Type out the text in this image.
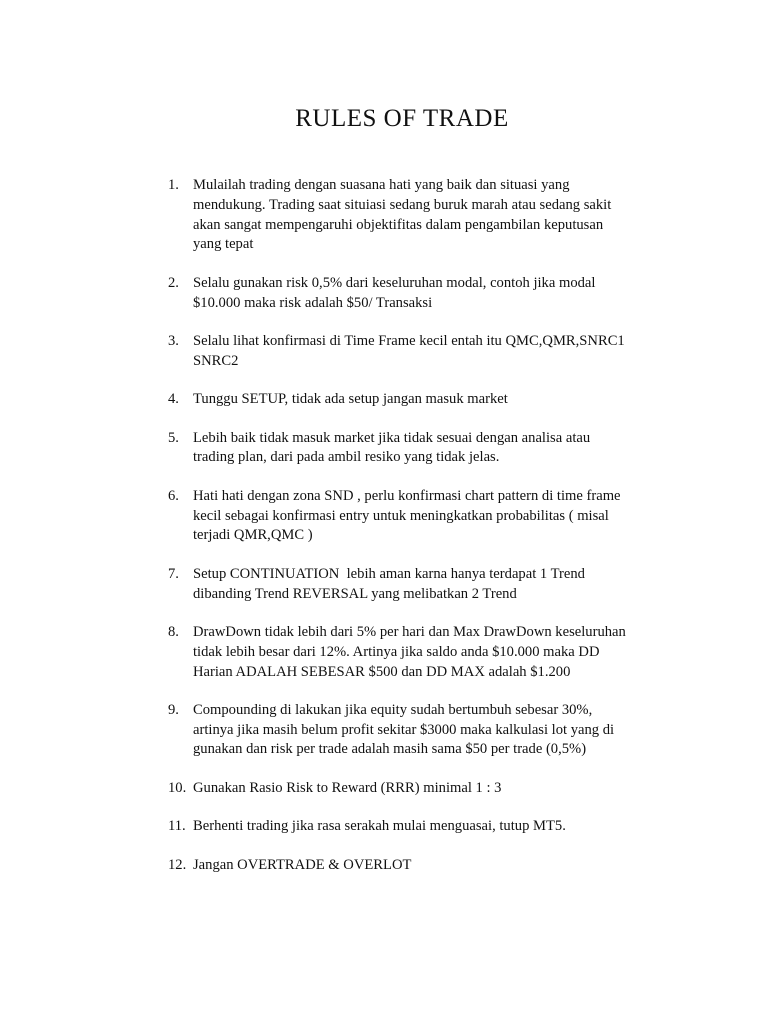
RULES OF TRADE
1. Mulailah trading dengan suasana hati yang baik dan situasi yang
mendukung. Trading saat situiasi sedang buruk marah atau sedang sakit
akan sangat mempengaruhi objektifitas dalam pengambilan keputusan
yang tepat
2. Selalu gunakan risk 0,5% dari keseluruhan modal, contoh jika modal
$10.000 maka risk adalah $50/ Transaksi
3. Selalu lihat konfirmasi di Time Frame kecil entah itu QMC,QMR,SNRC1
SNRC2
4. Tunggu SETUP, tidak ada setup jangan masuk market
5. Lebih baik tidak masuk market jika tidak sesuai dengan analisa atau
trading plan, dari pada ambil resiko yang tidak jelas.
6. Hati hati dengan zona SND , perlu konfirmasi chart pattern di time frame
kecil sebagai konfirmasi entry untuk meningkatkan probabilitas ( misal
terjadi QMR,QMC )
7. Setup CONTINUATION  lebih aman karna hanya terdapat 1 Trend
dibanding Trend REVERSAL yang melibatkan 2 Trend
8. DrawDown tidak lebih dari 5% per hari dan Max DrawDown keseluruhan
tidak lebih besar dari 12%. Artinya jika saldo anda $10.000 maka DD
Harian ADALAH SEBESAR $500 dan DD MAX adalah $1.200
9. Compounding di lakukan jika equity sudah bertumbuh sebesar 30%,
artinya jika masih belum profit sekitar $3000 maka kalkulasi lot yang di
gunakan dan risk per trade adalah masih sama $50 per trade (0,5%)
10. Gunakan Rasio Risk to Reward (RRR) minimal 1 : 3
11. Berhenti trading jika rasa serakah mulai menguasai, tutup MT5.
12. Jangan OVERTRADE & OVERLOT
